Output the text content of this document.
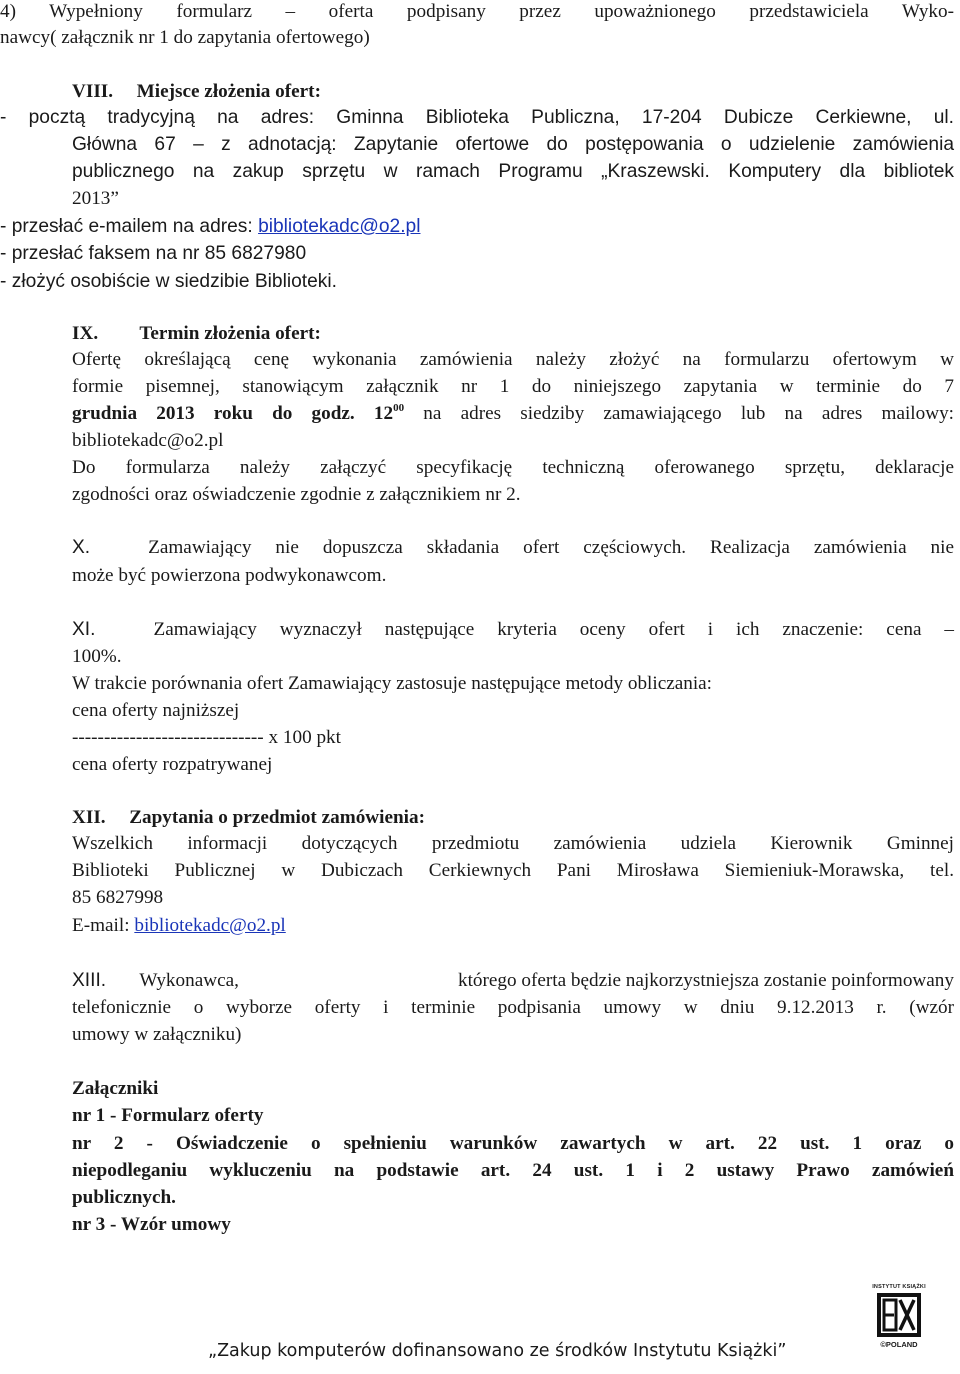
4) Wypełniony formularz – oferta podpisany przez upoważnionego przedstawiciela Wyko-

nawcy( załącznik nr 1 do zapytania ofertowego)

VIII. Miejsce złożenia ofert:

- pocztą tradycyjną na adres: Gminna Biblioteka Publiczna, 17-204 Dubicze Cerkiewne, ul.

Główna 67 – z adnotacją: Zapytanie ofertowe do postępowania o udzielenie zamówienia

publicznego na zakup sprzętu w ramach Programu „Kraszewski. Komputery dla bibliotek

2013”

- przesłać e-mailem na adres: bibliotekadc@o2.pl

- przesłać faksem na nr 85 6827980

- złożyć osobiście w siedzibie Biblioteki.

IX. Termin złożenia ofert:

Ofertę określającą cenę wykonania zamówienia należy złożyć na formularzu ofertowym w

formie pisemnej, stanowiącym załącznik nr 1 do niniejszego zapytania w terminie do 7

grudnia 2013 roku do godz. $12^{00}$ na adres siedziby zamawiającego lub na adres mailowy:

bibliotekadc@o2.pl

Do formularza należy załączyć specyfikację techniczną oferowanego sprzętu, deklaracje

zgodności oraz oświadczenie zgodnie z załącznikiem nr 2.

X.	Zamawiający nie dopuszcza składania ofert częściowych. Realizacja zamówienia nie

może być powierzona podwykonawcom.

XI.	Zamawiający wyznaczył następujące kryteria oceny ofert i ich znaczenie: cena –

100%.

W trakcie porównania ofert Zamawiający zastosuje następujące metody obliczania:

cena oferty najniższej

------------------------------ x 100 pkt

cena oferty rozpatrywanej

XII. Zapytania o przedmiot zamówienia:

Wszelkich informacji dotyczących przedmiotu zamówienia udziela Kierownik Gminnej

Biblioteki Publicznej w Dubiczach Cerkiewnych Pani Mirosława Siemieniuk-Morawska, tel.

85 6827998

E-mail: bibliotekadc@o2.pl

XIII. Wykonawca,	którego oferta będzie najkorzystniejsza zostanie poinformowany

telefonicznie o wyborze oferty i terminie podpisania umowy w dniu 9.12.2013 r. (wzór

umowy w załączniku)

Załączniki

nr 1 - Formularz oferty

nr 2 - Oświadczenie o spełnieniu warunków zawartych w art. 22 ust. 1 oraz o

niepodleganiu wykluczeniu na podstawie art. 24 ust. 1 i 2 ustawy Prawo zamówień

publicznych.

nr 3 - Wzór umowy

„Zakup komputerów dofinansowano ze środków Instytutu Książki”
INSTYTUT KSIĄŻKI
©POLAND
